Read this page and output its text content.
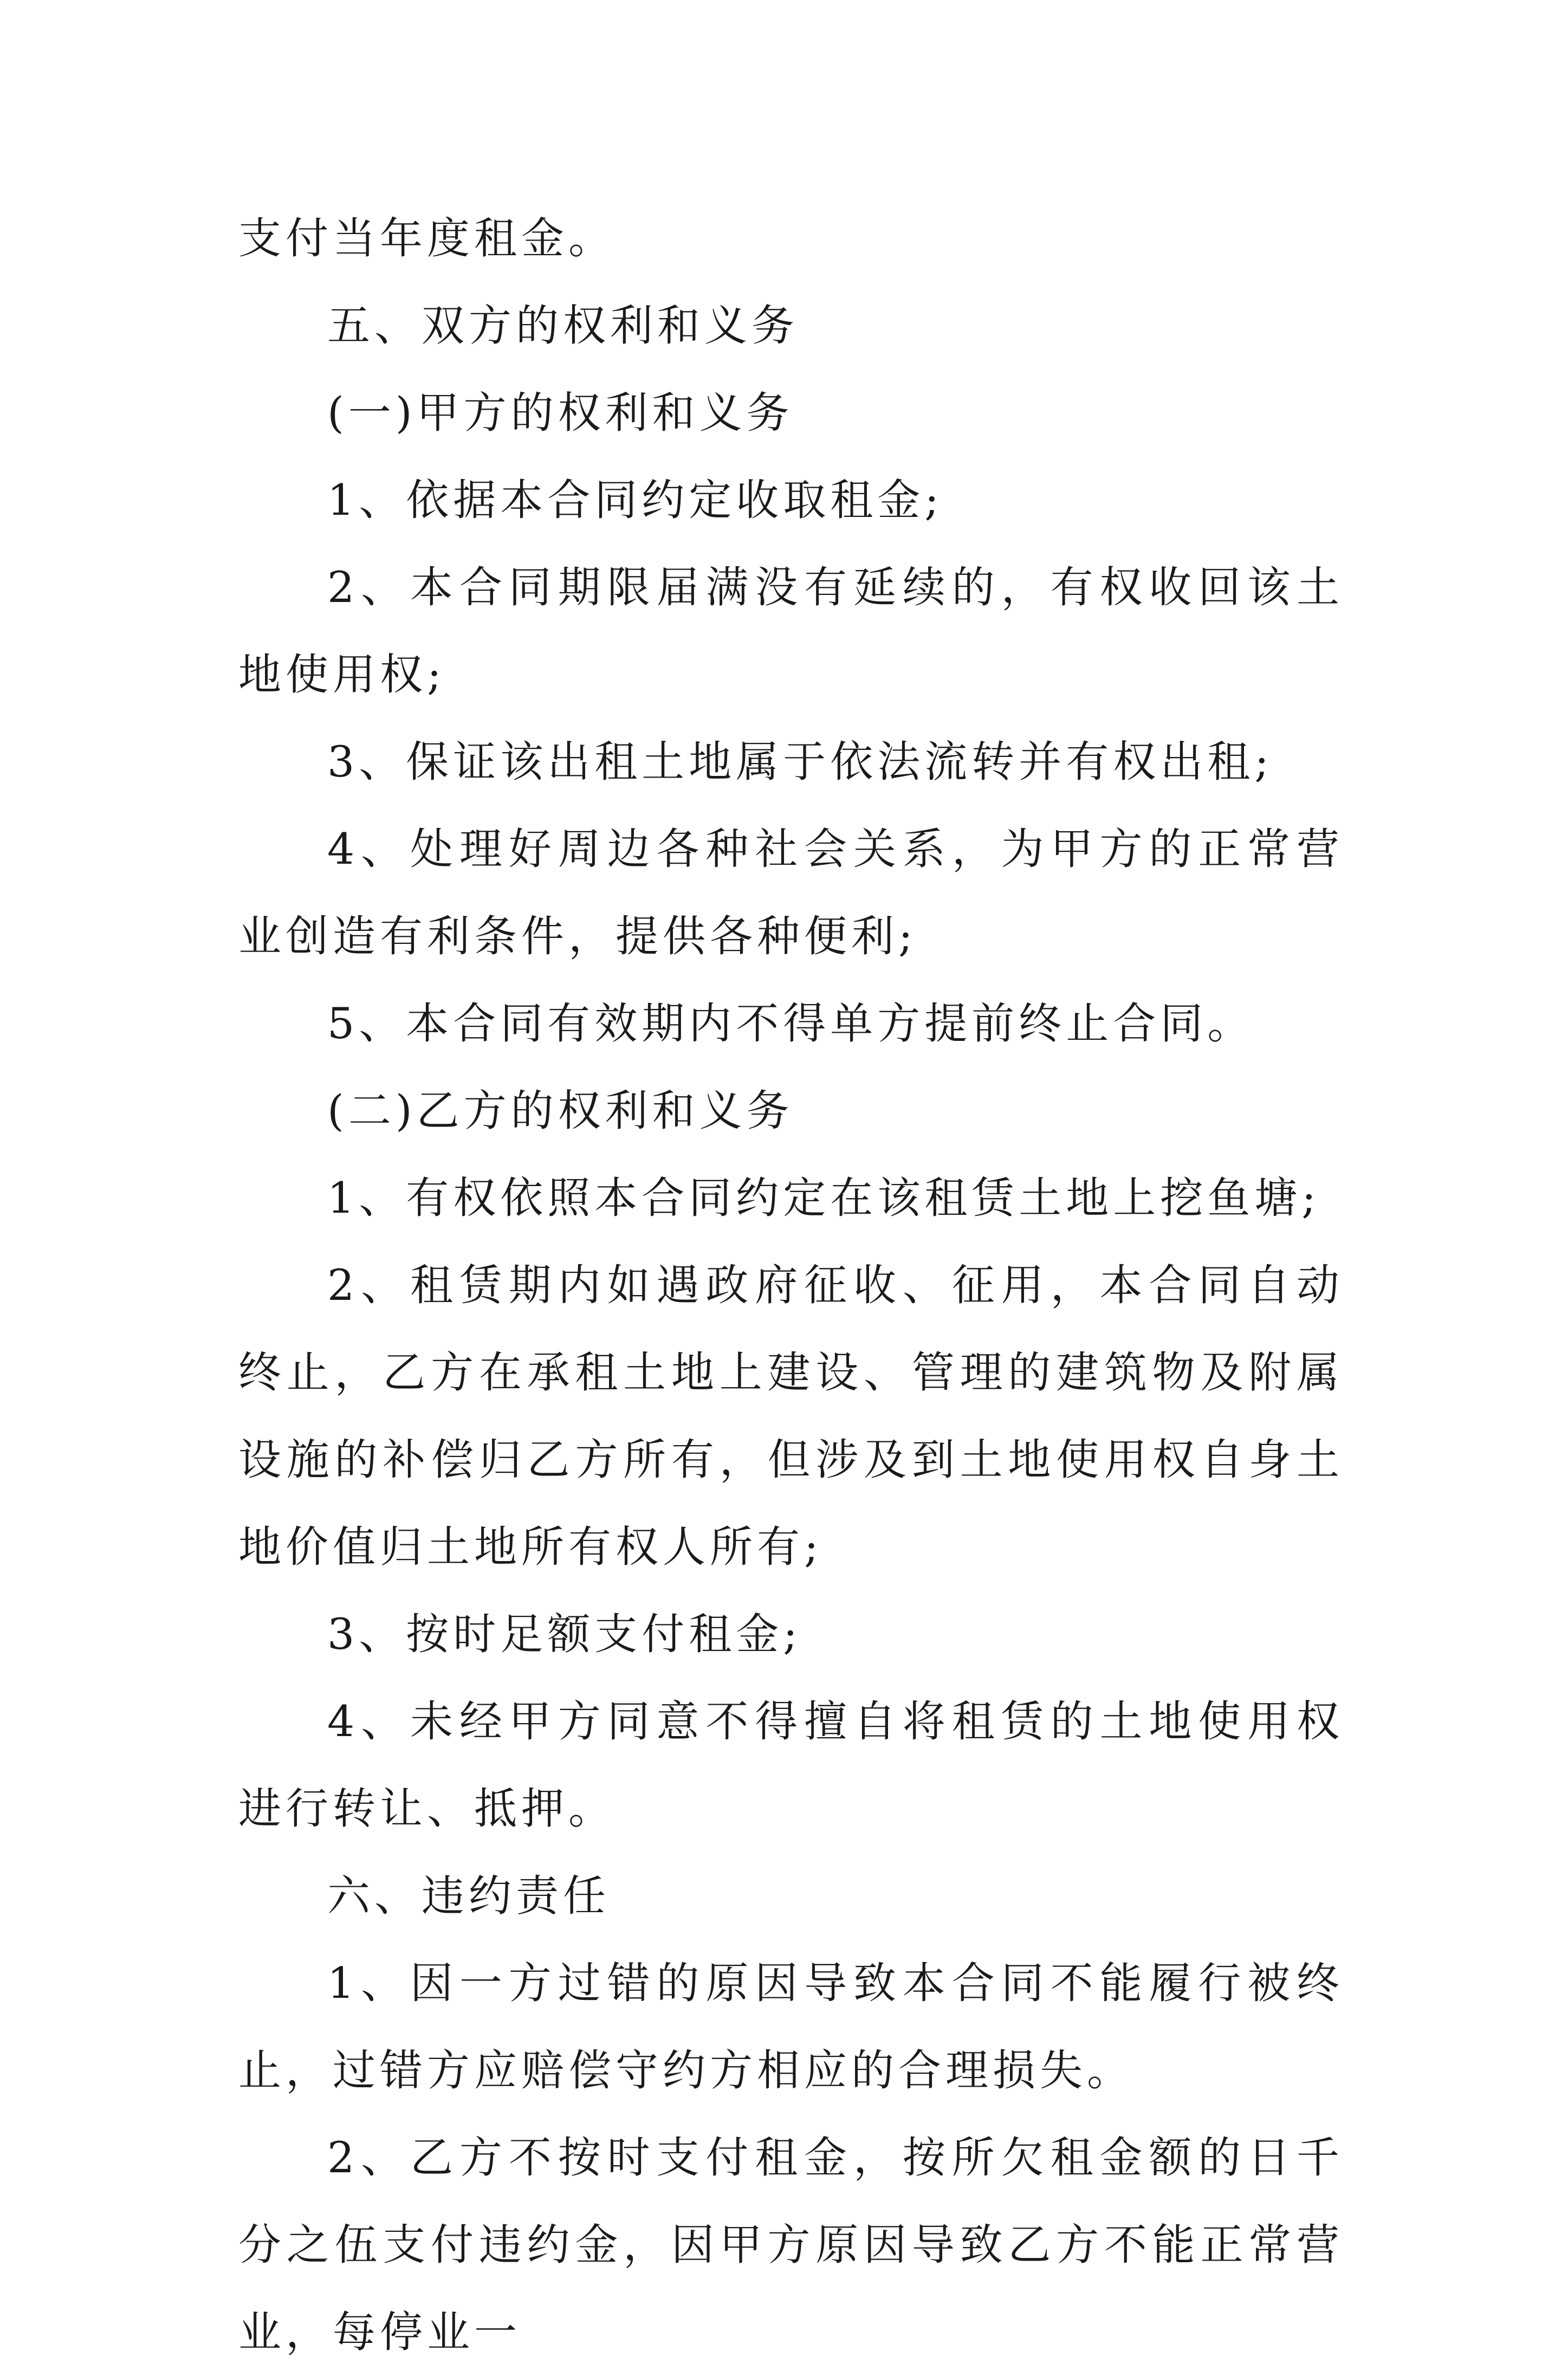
支付当年度租金。

五、双方的权利和义务

(一)甲方的权利和义务

1、依据本合同约定收取租金;

2、本合同期限届满没有延续的，有权收回该土地使用权;

3、保证该出租土地属于依法流转并有权出租;

4、处理好周边各种社会关系，为甲方的正常营业创造有利条件，提供各种便利;

5、本合同有效期内不得单方提前终止合同。

(二)乙方的权利和义务

1、有权依照本合同约定在该租赁土地上挖鱼塘;

2、租赁期内如遇政府征收、征用，本合同自动终止，乙方在承租土地上建设、管理的建筑物及附属设施的补偿归乙方所有，但涉及到土地使用权自身土地价值归土地所有权人所有;

3、按时足额支付租金;

4、未经甲方同意不得擅自将租赁的土地使用权进行转让、抵押。

六、违约责任

1、因一方过错的原因导致本合同不能履行被终止，过错方应赔偿守约方相应的合理损失。

2、乙方不按时支付租金，按所欠租金额的日千分之伍支付违约金，因甲方原因导致乙方不能正常营业，每停业一
